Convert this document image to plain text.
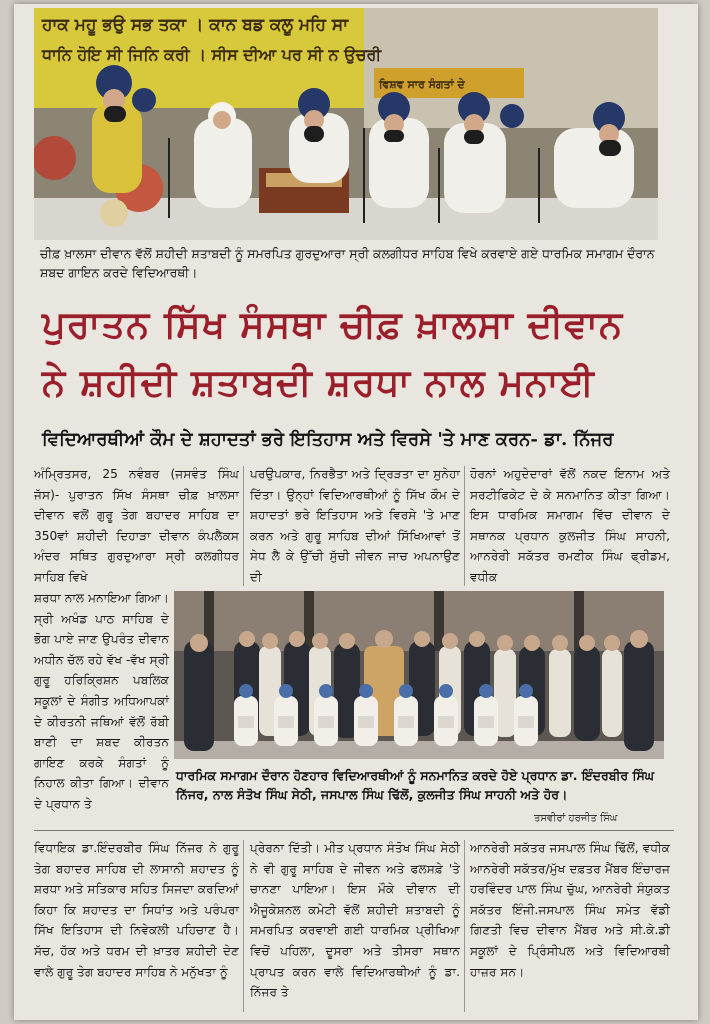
ਹਾਕ ਮਹੂ ਭਉ ਸਭ ਤਕਾ । ਕਾਨ ਬਡ ਕਲੂ ਮਹਿ ਸਾ
ਧਾਨਿ ਹੋਇ ਸੀ ਜਿਨਿ ਕਰੀ । ਸੀਸ ਦੀਆ ਪਰ ਸੀ ਨ ਉਚਰੀ
ਵਿਸ਼ਵ ਸਾਰ ਸੰਗਤਾਂ ਦੇ
ਚੀਫ਼ ਖ਼ਾਲਸਾ ਦੀਵਾਨ ਵੱਲੋਂ ਸ਼ਹੀਦੀ ਸ਼ਤਾਬਦੀ ਨੂੰ ਸਮਰਪਿਤ ਗੁਰਦੁਆਰਾ ਸ੍ਰੀ ਕਲਗੀਧਰ ਸਾਹਿਬ ਵਿਖੇ ਕਰਵਾਏ ਗਏ ਧਾਰਮਿਕ ਸਮਾਗਮ ਦੌਰਾਨ ਸ਼ਬਦ ਗਾਇਨ ਕਰਦੇ ਵਿਦਿਆਰਥੀ।
ਪੁਰਾਤਨ ਸਿੱਖ ਸੰਸਥਾ ਚੀਫ਼ ਖ਼ਾਲਸਾ ਦੀਵਾਨ
ਨੇ ਸ਼ਹੀਦੀ ਸ਼ਤਾਬਦੀ ਸ਼ਰਧਾ ਨਾਲ ਮਨਾਈ
ਵਿਦਿਆਰਥੀਆਂ ਕੌਮ ਦੇ ਸ਼ਹਾਦਤਾਂ ਭਰੇ ਇਤਿਹਾਸ ਅਤੇ ਵਿਰਸੇ 'ਤੇ ਮਾਣ ਕਰਨ- ਡਾ. ਨਿੱਜਰ
ਅੰਮ੍ਰਿਤਸਰ, 25 ਨਵੰਬਰ (ਜਸਵੰਤ ਸਿੰਘ ਜੱਸ)- ਪੁਰਾਤਨ ਸਿੱਖ ਸੰਸਥਾ ਚੀਫ਼ ਖ਼ਾਲਸਾ ਦੀਵਾਨ ਵਲੋਂ ਗੁਰੂ ਤੇਗ ਬਹਾਦਰ ਸਾਹਿਬ ਦਾ 350ਵਾਂ ਸ਼ਹੀਦੀ ਦਿਹਾੜਾ ਦੀਵਾਨ ਕੰਪਲੈਕਸ ਅੰਦਰ ਸਥਿਤ ਗੁਰਦੁਆਰਾ ਸ੍ਰੀ ਕਲਗੀਧਰ ਸਾਹਿਬ ਵਿਖੇ
ਪਰਉਪਕਾਰ, ਨਿਰਭੈਤਾ ਅਤੇ ਦ੍ਰਿੜਤਾ ਦਾ ਸੁਨੇਹਾ ਦਿੱਤਾ। ਉਨ੍ਹਾਂ ਵਿਦਿਆਰਥੀਆਂ ਨੂੰ ਸਿੱਖ ਕੌਮ ਦੇ ਸ਼ਹਾਦਤਾਂ ਭਰੇ ਇਤਿਹਾਸ ਅਤੇ ਵਿਰਸੇ 'ਤੇ ਮਾਣ ਕਰਨ ਅਤੇ ਗੁਰੂ ਸਾਹਿਬ ਦੀਆਂ ਸਿੱਖਿਆਵਾਂ ਤੋਂ ਸੇਧ ਲੈ ਕੇ ਉੱਚੀ ਸੁੱਚੀ ਜੀਵਨ ਜਾਚ ਅਪਨਾਉਣ ਦੀ
ਹੋਰਨਾਂ ਅਹੁਦੇਦਾਰਾਂ ਵੱਲੋਂ ਨਕਦ ਇਨਾਮ ਅਤੇ ਸਰਟੀਫਿਕੇਟ ਦੇ ਕੇ ਸਨਮਾਨਿਤ ਕੀਤਾ ਗਿਆ। ਇਸ ਧਾਰਮਿਕ ਸਮਾਗਮ ਵਿੱਚ ਦੀਵਾਨ ਦੇ ਸਥਾਨਕ ਪ੍ਰਧਾਨ ਕੁਲਜੀਤ ਸਿੰਘ ਸਾਹਨੀ, ਆਨਰੇਰੀ ਸਕੱਤਰ ਰਮਣੀਕ ਸਿੰਘ ਫ੍ਰੀਡਮ, ਵਧੀਕ
ਸ਼ਰਧਾ ਨਾਲ ਮਨਾਇਆ ਗਿਆ। ਸ੍ਰੀ ਅਖੰਡ ਪਾਠ ਸਾਹਿਬ ਦੇ ਭੋਗ ਪਾਏ ਜਾਣ ਉਪਰੰਤ ਦੀਵਾਨ ਅਧੀਨ ਚੱਲ ਰਹੇ ਵੱਖ -ਵੱਖ ਸ੍ਰੀ ਗੁਰੂ ਹਰਿਕ੍ਰਿਸ਼ਨ ਪਬਲਿਕ ਸਕੂਲਾਂ ਦੇ ਸੰਗੀਤ ਅਧਿਆਪਕਾਂ ਦੇ ਕੀਰਤਨੀ ਜਥਿਆਂ ਵੱਲੋਂ ਰੱਬੀ ਬਾਣੀ ਦਾ ਸ਼ਬਦ ਕੀਰਤਨ ਗਾਇਣ ਕਰਕੇ ਸੰਗਤਾਂ ਨੂੰ ਨਿਹਾਲ ਕੀਤਾ ਗਿਆ। ਦੀਵਾਨ ਦੇ ਪ੍ਰਧਾਨ ਤੇ
ਧਾਰਮਿਕ ਸਮਾਗਮ ਦੌਰਾਨ ਹੋਣਹਾਰ ਵਿਦਿਆਰਥੀਆਂ ਨੂੰ ਸਨਮਾਨਿਤ ਕਰਦੇ ਹੋਏ ਪ੍ਰਧਾਨ ਡਾ. ਇੰਦਰਬੀਰ ਸਿੰਘ ਨਿੱਜਰ, ਨਾਲ ਸੰਤੋਖ ਸਿੰਘ ਸੇਠੀ, ਜਸਪਾਲ ਸਿੰਘ ਢਿੱਲੋਂ, ਕੁਲਜੀਤ ਸਿੰਘ ਸਾਹਨੀ ਅਤੇ ਹੋਰ।
ਤਸਵੀਰਾਂ ਹਰਜੀਤ ਸਿੰਘ
ਵਿਧਾਇਕ ਡਾ.ਇੰਦਰਬੀਰ ਸਿੰਘ ਨਿੱਜਰ ਨੇ ਗੁਰੂ ਤੇਗ ਬਹਾਦਰ ਸਾਹਿਬ ਦੀ ਲਾਸਾਨੀ ਸ਼ਹਾਦਤ ਨੂੰ ਸ਼ਰਧਾ ਅਤੇ ਸਤਿਕਾਰ ਸਹਿਤ ਸਿਜਦਾ ਕਰਦਿਆਂ ਕਿਹਾ ਕਿ ਸ਼ਹਾਦਤ ਦਾ ਸਿਧਾਂਤ ਅਤੇ ਪਰੰਪਰਾ ਸਿੱਖ ਇਤਿਹਾਸ ਦੀ ਨਿਵੇਕਲੀ ਪਹਿਚਾਣ ਹੈ। ਸੱਚ, ਹੱਕ ਅਤੇ ਧਰਮ ਦੀ ਖ਼ਾਤਰ ਸ਼ਹੀਦੀ ਦੇਣ ਵਾਲੇ ਗੁਰੂ ਤੇਗ ਬਹਾਦਰ ਸਾਹਿਬ ਨੇ ਮਨੁੱਖਤਾ ਨੂੰ
ਪ੍ਰੇਰਨਾ ਦਿੱਤੀ। ਮੀਤ ਪ੍ਰਧਾਨ ਸੰਤੋਖ ਸਿੰਘ ਸੇਠੀ ਨੇ ਵੀ ਗੁਰੂ ਸਾਹਿਬ ਦੇ ਜੀਵਨ ਅਤੇ ਫਲਸਫ਼ੇ 'ਤੇ ਚਾਨਣਾ ਪਾਇਆ। ਇਸ ਮੌਕੇ ਦੀਵਾਨ ਦੀ ਐਜੂਕੇਸ਼ਨਲ ਕਮੇਟੀ ਵੱਲੋਂ ਸ਼ਹੀਦੀ ਸ਼ਤਾਬਦੀ ਨੂੰ ਸਮਰਪਿਤ ਕਰਵਾਈ ਗਈ ਧਾਰਮਿਕ ਪ੍ਰੀਖਿਆ ਵਿਚੋਂ ਪਹਿਲਾ, ਦੂਸਰਾ ਅਤੇ ਤੀਸਰਾ ਸਥਾਨ ਪ੍ਰਾਪਤ ਕਰਨ ਵਾਲੇ ਵਿਦਿਆਰਥੀਆਂ ਨੂੰ ਡਾ. ਨਿੱਜਰ ਤੇ
ਆਨਰੇਰੀ ਸਕੱਤਰ ਜਸਪਾਲ ਸਿੰਘ ਢਿੱਲੋਂ, ਵਧੀਕ ਆਨਰੇਰੀ ਸਕੱਤਰ/ਮੁੱਖ ਦਫ਼ਤਰ ਮੈਂਬਰ ਇੰਚਾਰਜ ਹਰਵਿੰਦਰ ਪਾਲ ਸਿੰਘ ਚੁੱਘ, ਆਨਰੇਰੀ ਸੰਯੁਕਤ ਸਕੱਤਰ ਇੰਜੀ.ਜਸਪਾਲ ਸਿੰਘ ਸਮੇਤ ਵੱਡੀ ਗਿਣਤੀ ਵਿਚ ਦੀਵਾਨ ਮੈਂਬਰ ਅਤੇ ਸੀ.ਕੇ.ਡੀ ਸਕੂਲਾਂ ਦੇ ਪ੍ਰਿੰਸੀਪਲ ਅਤੇ ਵਿਦਿਆਰਥੀ ਹਾਜ਼ਰ ਸਨ।
